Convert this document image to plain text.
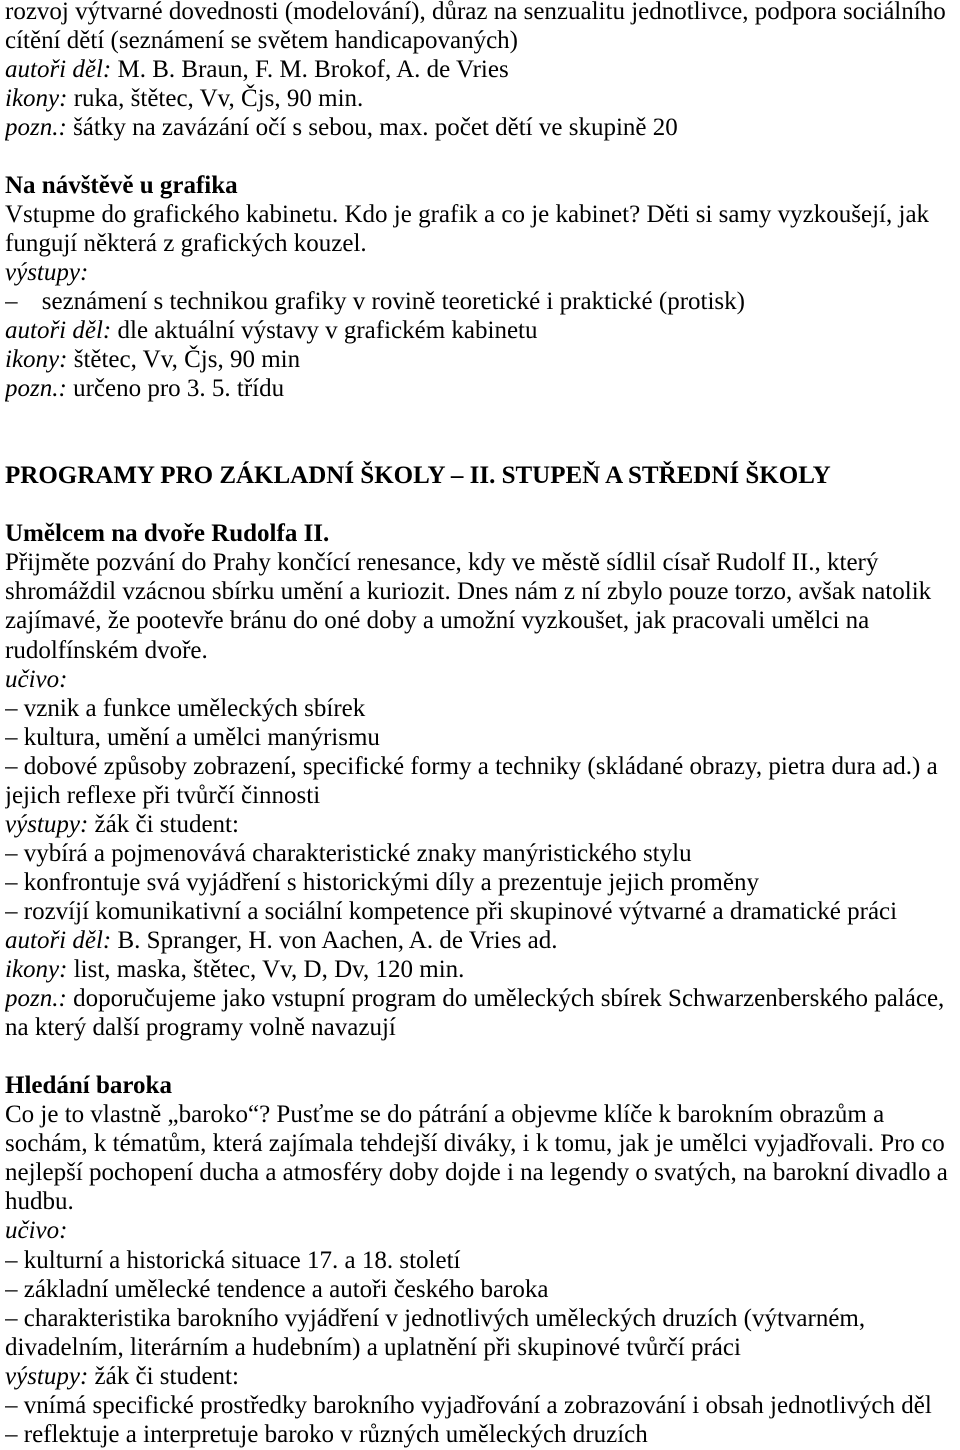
rozvoj výtvarné dovednosti (modelování), důraz na senzualitu jednotlivce, podpora sociálního
cítění dětí (seznámení se světem handicapovaných)
autoři děl: M. B. Braun, F. M. Brokof, A. de Vries
ikony: ruka, štětec, Vv, Čjs, 90 min.
pozn.: šátky na zavázání očí s sebou, max. počet dětí ve skupině 20
Na návštěvě u grafika
Vstupme do grafického kabinetu. Kdo je grafik a co je kabinet? Děti si samy vyzkoušejí, jak
fungují některá z grafických kouzel.
výstupy:
– seznámení s technikou grafiky v rovině teoretické i praktické (protisk)
autoři děl: dle aktuální výstavy v grafickém kabinetu
ikony: štětec, Vv, Čjs, 90 min
pozn.: určeno pro 3. 5. třídu
PROGRAMY PRO ZÁKLADNÍ ŠKOLY – II. STUPEŇ A STŘEDNÍ ŠKOLY
Umělcem na dvoře Rudolfa II.
Přijměte pozvání do Prahy končící renesance, kdy ve městě sídlil císař Rudolf II., který
shromáždil vzácnou sbírku umění a kuriozit. Dnes nám z ní zbylo pouze torzo, avšak natolik
zajímavé, že pootevře bránu do oné doby a umožní vyzkoušet, jak pracovali umělci na
rudolfínském dvoře.
učivo:
– vznik a funkce uměleckých sbírek
– kultura, umění a umělci manýrismu
– dobové způsoby zobrazení, specifické formy a techniky (skládané obrazy, pietra dura ad.) a
jejich reflexe při tvůrčí činnosti
výstupy: žák či student:
– vybírá a pojmenovává charakteristické znaky manýristického stylu
– konfrontuje svá vyjádření s historickými díly a prezentuje jejich proměny
– rozvíjí komunikativní a sociální kompetence při skupinové výtvarné a dramatické práci
autoři děl: B. Spranger, H. von Aachen, A. de Vries ad.
ikony: list, maska, štětec, Vv, D, Dv, 120 min.
pozn.: doporučujeme jako vstupní program do uměleckých sbírek Schwarzenberského paláce,
na který další programy volně navazují
Hledání baroka
Co je to vlastně „baroko“? Pusťme se do pátrání a objevme klíče k barokním obrazům a
sochám, k tématům, která zajímala tehdejší diváky, i k tomu, jak je umělci vyjadřovali. Pro co
nejlepší pochopení ducha a atmosféry doby dojde i na legendy o svatých, na barokní divadlo a
hudbu.
učivo:
– kulturní a historická situace 17. a 18. století
– základní umělecké tendence a autoři českého baroka
– charakteristika barokního vyjádření v jednotlivých uměleckých druzích (výtvarném,
divadelním, literárním a hudebním) a uplatnění při skupinové tvůrčí práci
výstupy: žák či student:
– vnímá specifické prostředky barokního vyjadřování a zobrazování i obsah jednotlivých děl
– reflektuje a interpretuje baroko v různých uměleckých druzích
